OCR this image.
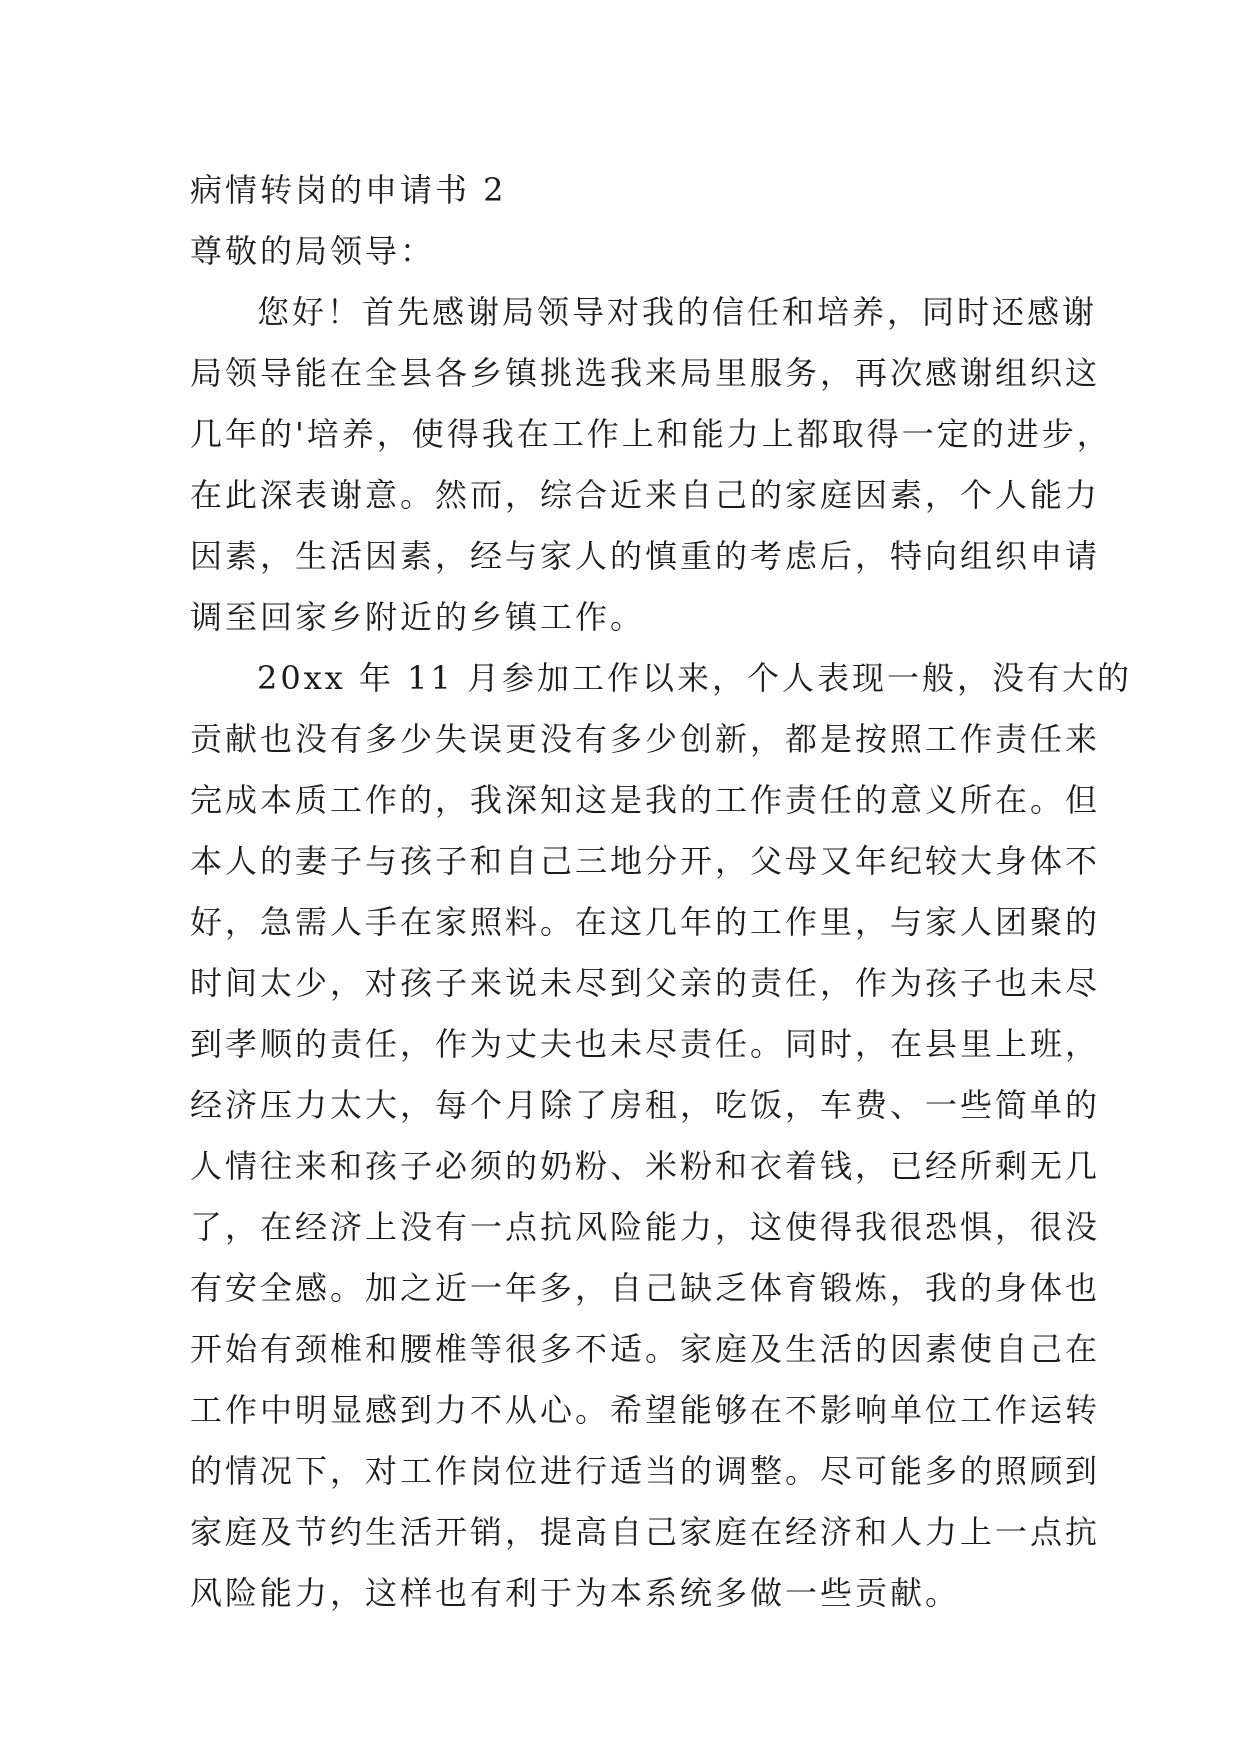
病情转岗的申请书 2
尊敬的局领导：
您好！首先感谢局领导对我的信任和培养，同时还感谢
局领导能在全县各乡镇挑选我来局里服务，再次感谢组织这
几年的'培养，使得我在工作上和能力上都取得一定的进步，
在此深表谢意。然而，综合近来自己的家庭因素，个人能力
因素，生活因素，经与家人的慎重的考虑后，特向组织申请
调至回家乡附近的乡镇工作。
20xx 年 11 月参加工作以来，个人表现一般，没有大的
贡献也没有多少失误更没有多少创新，都是按照工作责任来
完成本质工作的，我深知这是我的工作责任的意义所在。但
本人的妻子与孩子和自己三地分开，父母又年纪较大身体不
好，急需人手在家照料。在这几年的工作里，与家人团聚的
时间太少，对孩子来说未尽到父亲的责任，作为孩子也未尽
到孝顺的责任，作为丈夫也未尽责任。同时，在县里上班，
经济压力太大，每个月除了房租，吃饭，车费、一些简单的
人情往来和孩子必须的奶粉、米粉和衣着钱，已经所剩无几
了，在经济上没有一点抗风险能力，这使得我很恐惧，很没
有安全感。加之近一年多，自己缺乏体育锻炼，我的身体也
开始有颈椎和腰椎等很多不适。家庭及生活的因素使自己在
工作中明显感到力不从心。希望能够在不影响单位工作运转
的情况下，对工作岗位进行适当的调整。尽可能多的照顾到
家庭及节约生活开销，提高自己家庭在经济和人力上一点抗
风险能力，这样也有利于为本系统多做一些贡献。
